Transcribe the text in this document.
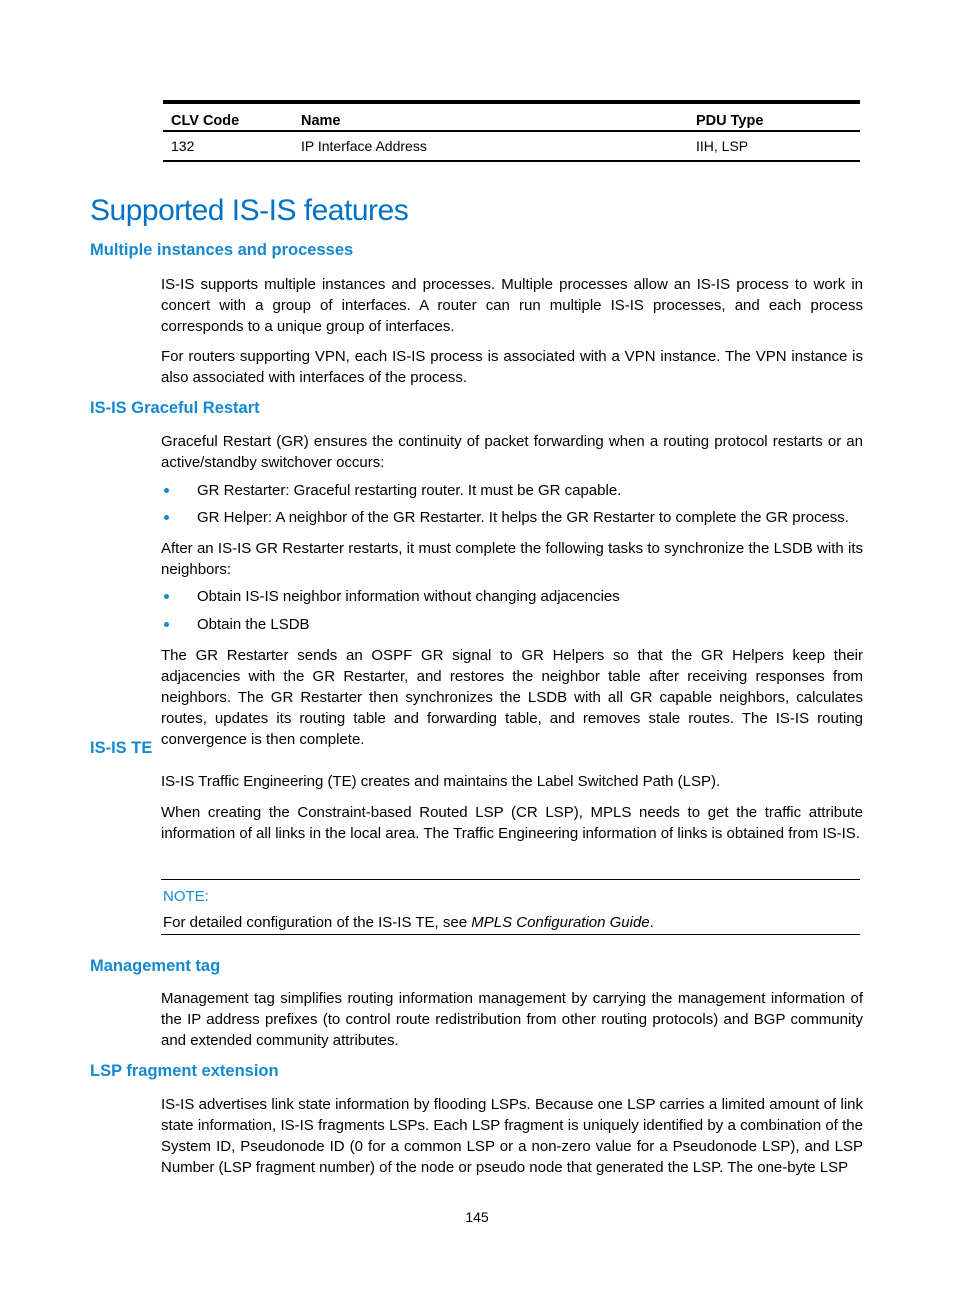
CLV Code	Name	PDU Type
132	IP Interface Address	IIH, LSP
Supported IS-IS features
Multiple instances and processes
IS-IS supports multiple instances and processes. Multiple processes allow an IS-IS process to work in concert with a group of interfaces. A router can run multiple IS-IS processes, and each process corresponds to a unique group of interfaces.
For routers supporting VPN, each IS-IS process is associated with a VPN instance. The VPN instance is also associated with interfaces of the process.
IS-IS Graceful Restart
Graceful Restart (GR) ensures the continuity of packet forwarding when a routing protocol restarts or an active/standby switchover occurs:
GR Restarter: Graceful restarting router. It must be GR capable.
GR Helper: A neighbor of the GR Restarter. It helps the GR Restarter to complete the GR process.
After an IS-IS GR Restarter restarts, it must complete the following tasks to synchronize the LSDB with its neighbors:
Obtain IS-IS neighbor information without changing adjacencies
Obtain the LSDB
The GR Restarter sends an OSPF GR signal to GR Helpers so that the GR Helpers keep their adjacencies with the GR Restarter, and restores the neighbor table after receiving responses from neighbors. The GR Restarter then synchronizes the LSDB with all GR capable neighbors, calculates routes, updates its routing table and forwarding table, and removes stale routes. The IS-IS routing convergence is then complete.
IS-IS TE
IS-IS Traffic Engineering (TE) creates and maintains the Label Switched Path (LSP).
When creating the Constraint-based Routed LSP (CR LSP), MPLS needs to get the traffic attribute information of all links in the local area. The Traffic Engineering information of links is obtained from IS-IS.
NOTE:
For detailed configuration of the IS-IS TE, see MPLS Configuration Guide.
Management tag
Management tag simplifies routing information management by carrying the management information of the IP address prefixes (to control route redistribution from other routing protocols) and BGP community and extended community attributes.
LSP fragment extension
IS-IS advertises link state information by flooding LSPs. Because one LSP carries a limited amount of link state information, IS-IS fragments LSPs. Each LSP fragment is uniquely identified by a combination of the System ID, Pseudonode ID (0 for a common LSP or a non-zero value for a Pseudonode LSP), and LSP Number (LSP fragment number) of the node or pseudo node that generated the LSP. The one-byte LSP
145
